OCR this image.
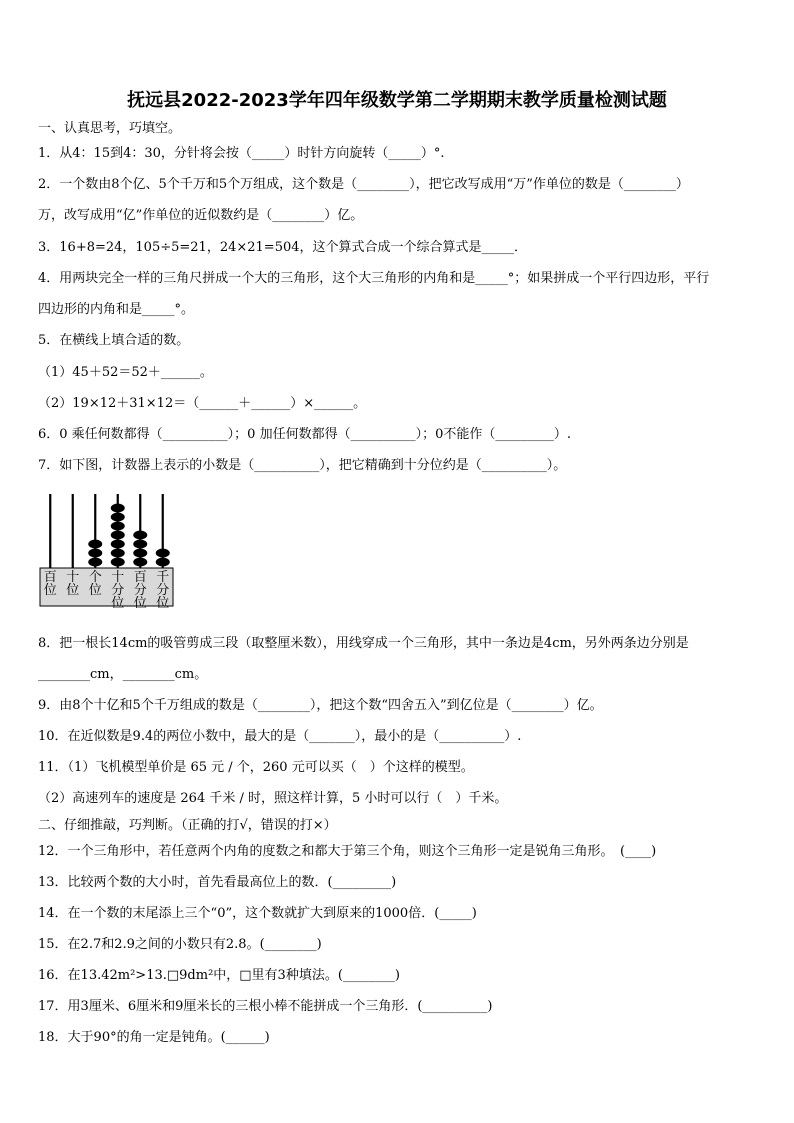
抚远县2022-2023学年四年级数学第二学期期末教学质量检测试题
一、认真思考，巧填空。
1．从4：15到4：30，分针将会按（_____）时针方向旋转（_____）°.
2．一个数由8个亿、5个千万和5个万组成，这个数是（________），把它改写成用“万”作单位的数是（________）
万，改写成用“亿”作单位的近似数约是（________）亿。
3．16+8=24，105÷5=21，24×21=504，这个算式合成一个综合算式是_____．
4．用两块完全一样的三角尺拼成一个大的三角形，这个大三角形的内角和是_____°；如果拼成一个平行四边形，平行
四边形的内角和是_____°。
5．在横线上填合适的数。
（1）45＋52＝52＋______。
（2）19×12＋31×12＝（______＋______）×______。
6．0 乘任何数都得（__________）；0 加任何数都得（__________）；0不能作（_________）.
7．如下图，计数器上表示的小数是（__________），把它精确到十分位约是（__________）。
8．把一根长14cm的吸管剪成三段（取整厘米数），用线穿成一个三角形，其中一条边是4cm，另外两条边分别是
________cm，________cm。
9．由8个十亿和5个千万组成的数是（________），把这个数“四舍五入”到亿位是（________）亿。
10．在近似数是9.4的两位小数中，最大的是（_______），最小的是（__________）.
11．（1）飞机模型单价是 65 元 / 个，260 元可以买（　）个这样的模型。
（2）高速列车的速度是 264 千米 / 时，照这样计算，5 小时可以行（　）千米。
二、仔细推敲，巧判断。（正确的打√，错误的打×）
12．一个三角形中，若任意两个内角的度数之和都大于第三个角，则这个三角形一定是锐角三角形。　(____)
13．比较两个数的大小时，首先看最高位上的数．(_________)
14．在一个数的末尾添上三个“0”，这个数就扩大到原来的1000倍．(_____)
15．在2.7和2.9之间的小数只有2.8。(________)
16．在13.42m²>13.□9dm²中，□里有3种填法。(________)
17．用3厘米、6厘米和9厘米长的三根小棒不能拼成一个三角形．(__________)
18．大于90°的角一定是钝角。(______)
百位
十位
个位
十分位
百分位
千分位
